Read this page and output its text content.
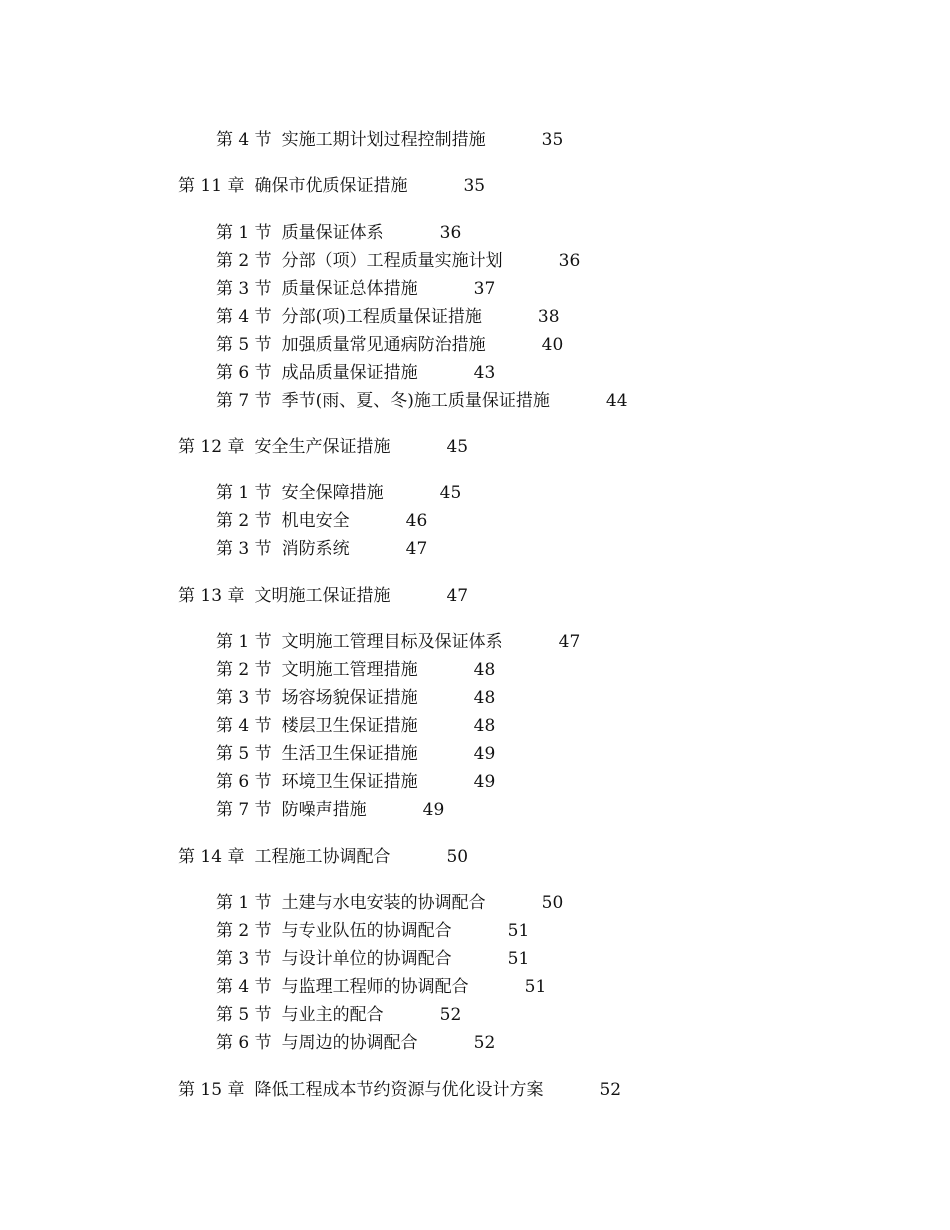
第 4 节 实施工期计划过程控制措施	35
第 11 章 确保市优质保证措施	35
第 1 节 质量保证体系	36
第 2 节 分部（项）工程质量实施计划	36
第 3 节 质量保证总体措施	37
第 4 节 分部(项)工程质量保证措施	38
第 5 节 加强质量常见通病防治措施	40
第 6 节 成品质量保证措施	43
第 7 节 季节(雨、夏、冬)施工质量保证措施	44
第 12 章 安全生产保证措施	45
第 1 节 安全保障措施	45
第 2 节 机电安全	46
第 3 节 消防系统	47
第 13 章 文明施工保证措施	47
第 1 节 文明施工管理目标及保证体系	47
第 2 节 文明施工管理措施	48
第 3 节 场容场貌保证措施	48
第 4 节 楼层卫生保证措施	48
第 5 节 生活卫生保证措施	49
第 6 节 环境卫生保证措施	49
第 7 节 防噪声措施	49
第 14 章 工程施工协调配合	50
第 1 节 土建与水电安装的协调配合	50
第 2 节 与专业队伍的协调配合	51
第 3 节 与设计单位的协调配合	51
第 4 节 与监理工程师的协调配合	51
第 5 节 与业主的配合	52
第 6 节 与周边的协调配合	52
第 15 章 降低工程成本节约资源与优化设计方案	52
